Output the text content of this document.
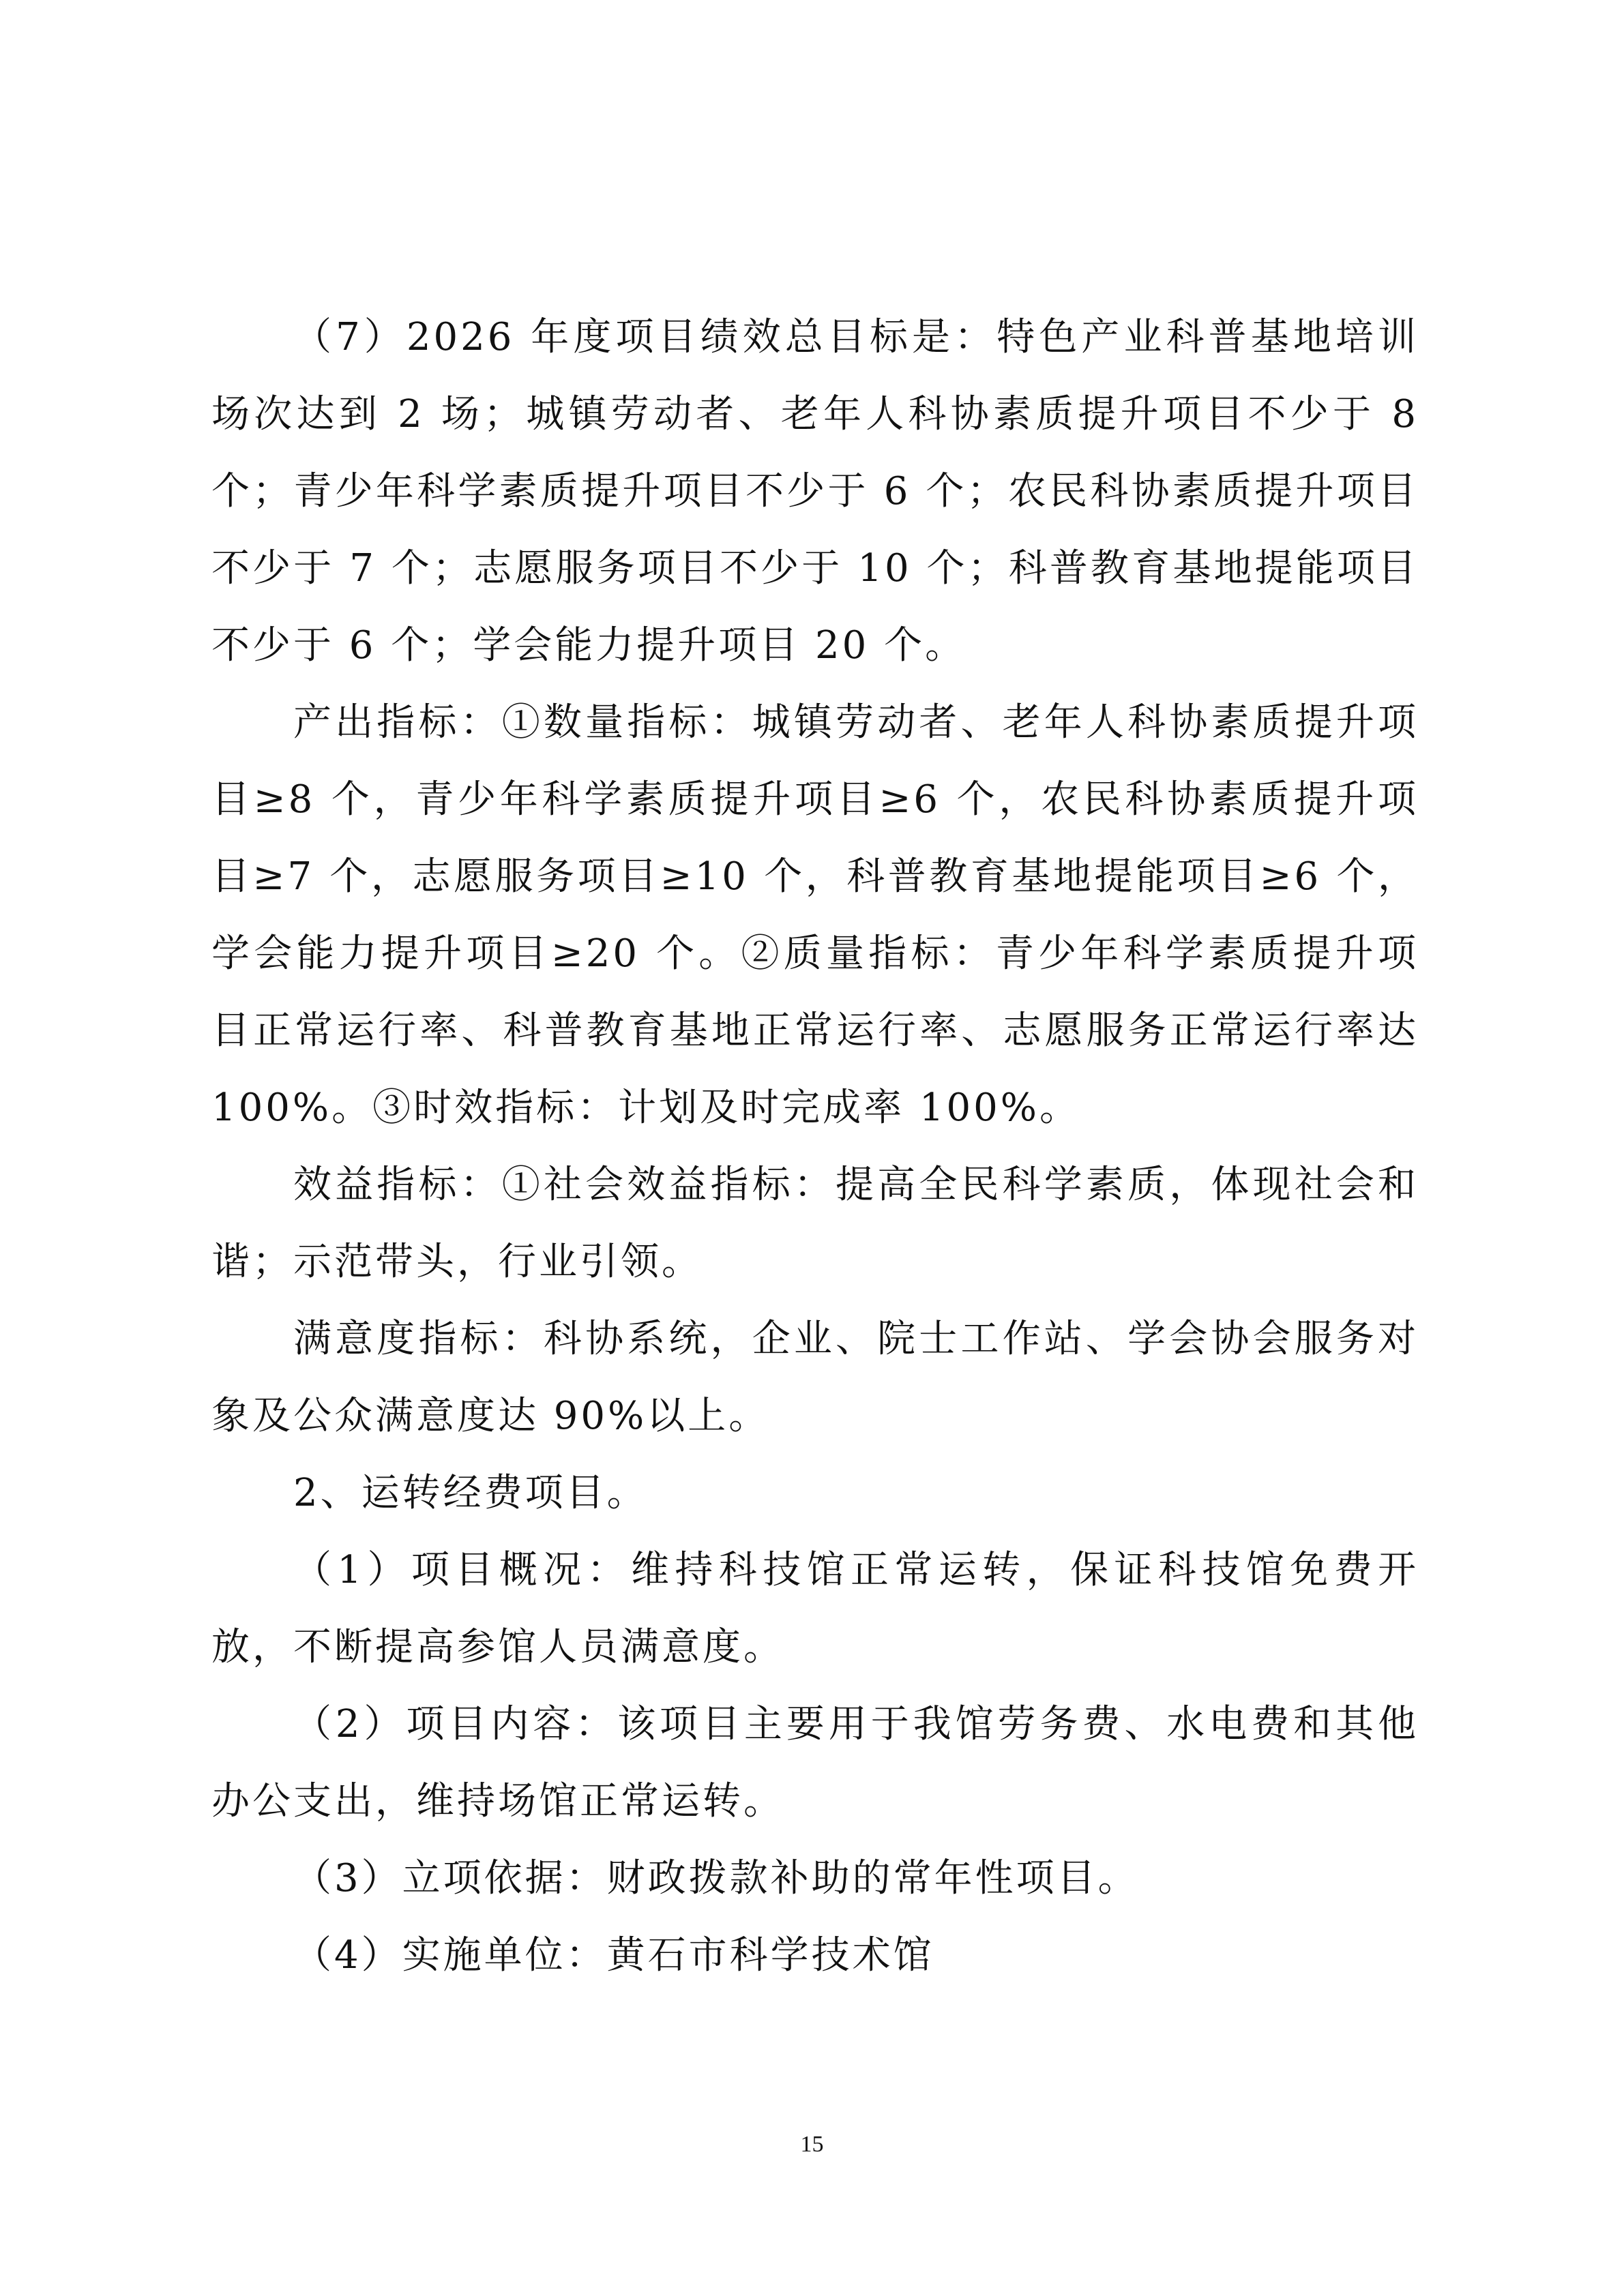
（7）2026 年度项目绩效总目标是：特色产业科普基地培训场次达到 2 场；城镇劳动者、老年人科协素质提升项目不少于 8 个；青少年科学素质提升项目不少于 6 个；农民科协素质提升项目不少于 7 个；志愿服务项目不少于 10 个；科普教育基地提能项目不少于 6 个；学会能力提升项目 20 个。

产出指标：①数量指标：城镇劳动者、老年人科协素质提升项目≥8 个，青少年科学素质提升项目≥6 个，农民科协素质提升项目≥7 个，志愿服务项目≥10 个，科普教育基地提能项目≥6 个，学会能力提升项目≥20 个。②质量指标：青少年科学素质提升项目正常运行率、科普教育基地正常运行率、志愿服务正常运行率达 100%。③时效指标：计划及时完成率 100%。

效益指标：①社会效益指标：提高全民科学素质，体现社会和谐；示范带头，行业引领。

满意度指标：科协系统，企业、院士工作站、学会协会服务对象及公众满意度达 90%以上。

2、运转经费项目。

（1）项目概况：维持科技馆正常运转，保证科技馆免费开放，不断提高参馆人员满意度。

（2）项目内容：该项目主要用于我馆劳务费、水电费和其他办公支出，维持场馆正常运转。

（3）立项依据：财政拨款补助的常年性项目。

（4）实施单位：黄石市科学技术馆

15
